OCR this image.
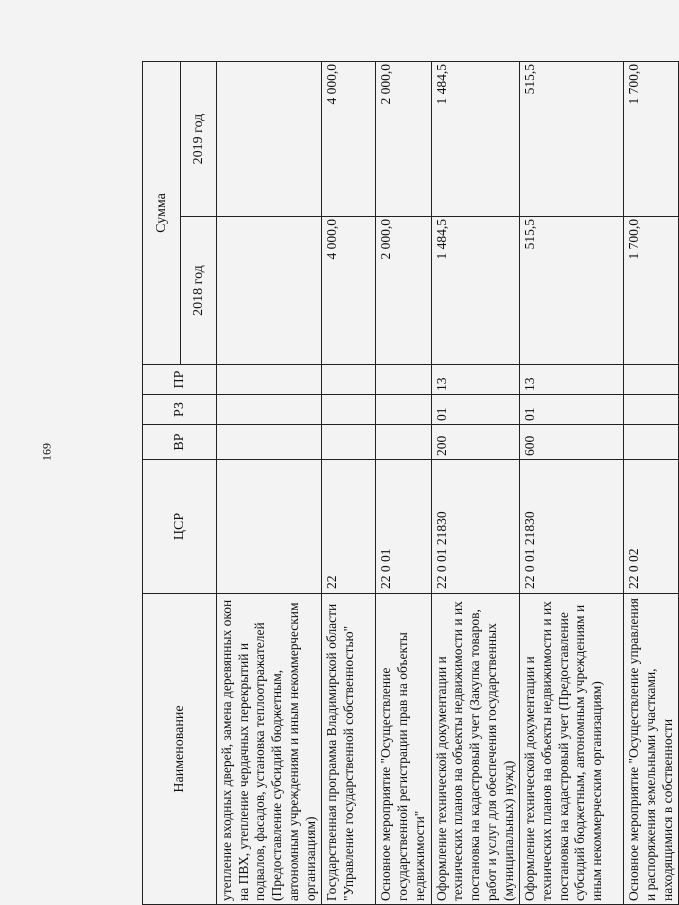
169
Наименование	ЦСР	ВР	РЗ	ПР	Сумма	
					2018 год	2019 год
утепление входных дверей, замена деревянных окон на ПВХ, утепление чердачных перекрытий и подвалов, фасадов, установка теплоотражателей (Предоставление субсидий бюджетным, автономным учреждениям и иным некоммерческим организациям)						
Государственная программа Владимирской области "Управление государственной собственностью"	22				4 000,0	4 000,0
Основное мероприятие "Осуществление государственной регистрации прав на объекты недвижимости"	22 0 01				2 000,0	2 000,0
Оформление технической документации и технических планов на объекты недвижимости и их постановка на кадастровый учет (Закупка товаров, работ и услуг для обеспечения государственных (муниципальных) нужд)	22 0 01 21830	200	01	13	1 484,5	1 484,5
Оформление технической документации и технических планов на объекты недвижимости и их постановка на кадастровый учет (Предоставление субсидий бюджетным, автономным учреждениям и иным некоммерческим организациям)	22 0 01 21830	600	01	13	515,5	515,5
Основное мероприятие "Осуществление управления и распоряжения земельными участками, находящимися в собственности	22 0 02				1 700,0	1 700,0
